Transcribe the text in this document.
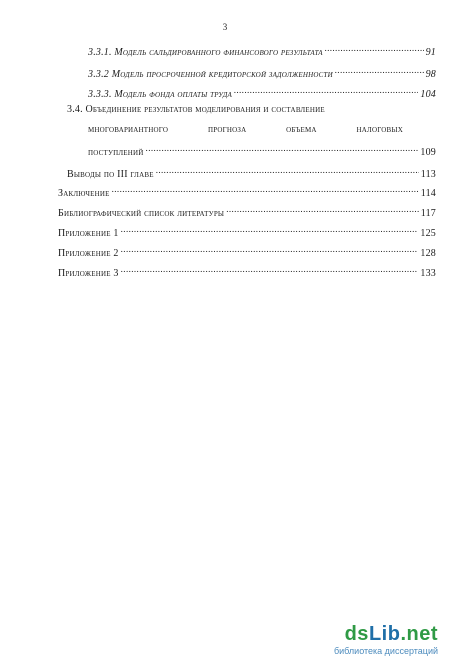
3
3.3.1. Модель сальдированного финансового результата .....	91
3.3.2 Модель просроченной кредиторской задолженности .....	98
3.3.3. Модель фонда оплаты труда .....	104
3.4. Объединение результатов моделирования и составление
многовариантного	прогноза	объема	налоговых
поступлений .....	109
Выводы по III главе .....	113
Заключение .....	114
Библиографический список литературы .....	117
Приложение 1 .....	125
Приложение 2 .....	128
Приложение 3 .....	133
dsLib.net
библиотека диссертаций
